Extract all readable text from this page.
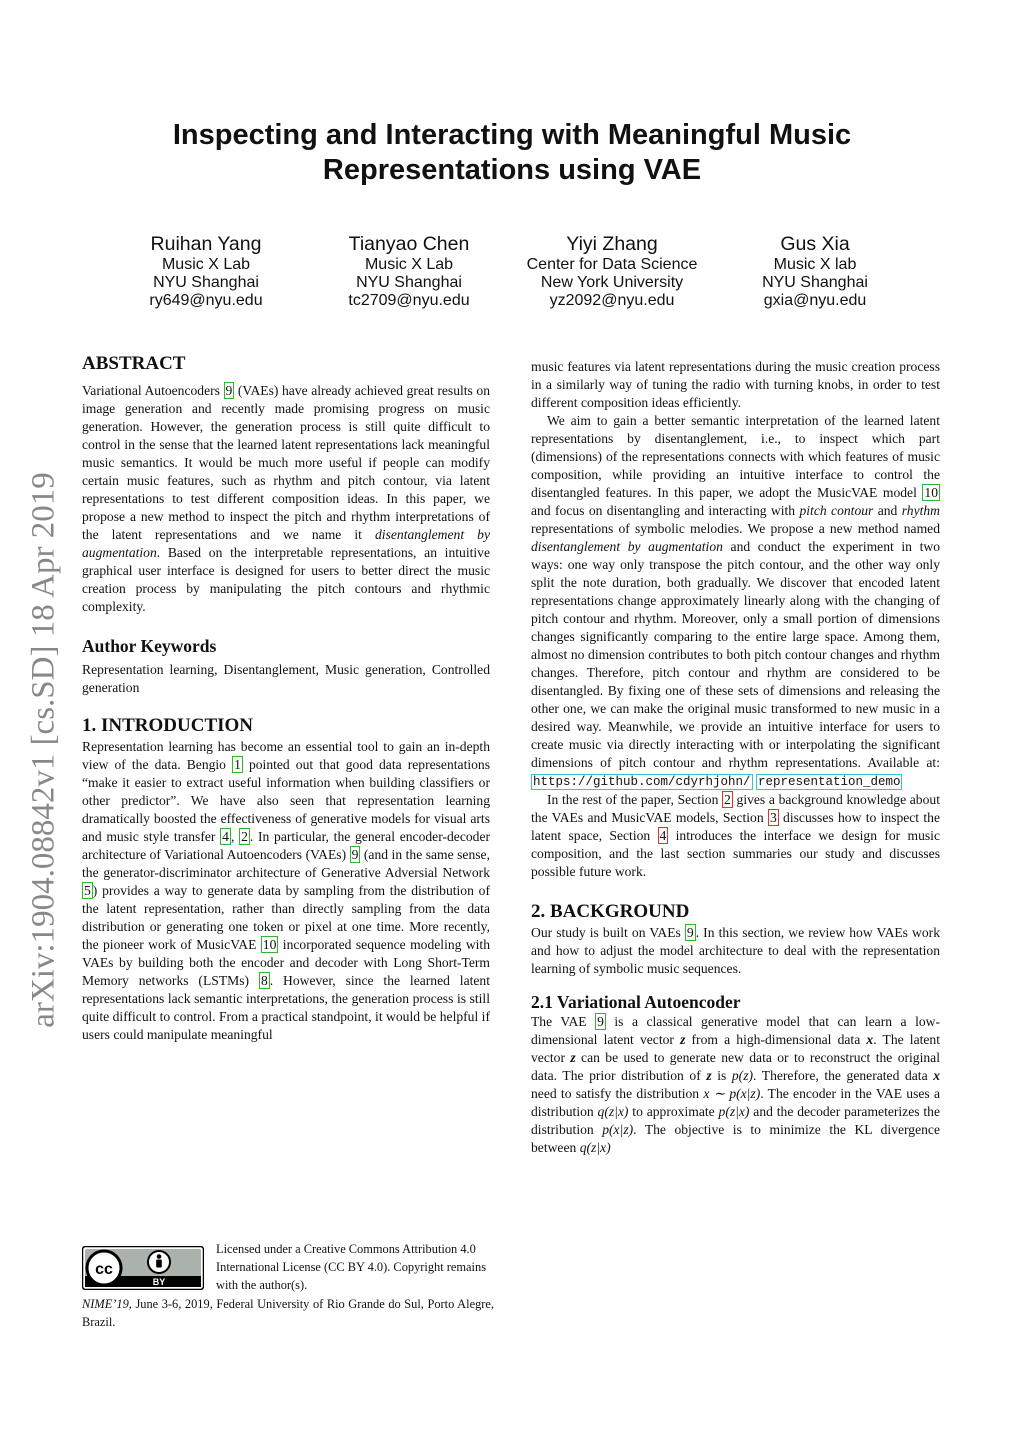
Inspecting and Interacting with Meaningful Music
Representations using VAE
Ruihan Yang
Music X Lab
NYU Shanghai
ry649@nyu.edu
Tianyao Chen
Music X Lab
NYU Shanghai
tc2709@nyu.edu
Yiyi Zhang
Center for Data Science
New York University
yz2092@nyu.edu
Gus Xia
Music X lab
NYU Shanghai
gxia@nyu.edu
arXiv:1904.08842v1 [cs.SD] 18 Apr 2019
ABSTRACT

Variational Autoencoders 9 (VAEs) have already achieved great results on image generation and recently made promising progress on music generation. However, the generation process is still quite difficult to control in the sense that the learned latent representations lack meaningful music semantics. It would be much more useful if people can modify certain music features, such as rhythm and pitch contour, via latent representations to test different composition ideas. In this paper, we propose a new method to inspect the pitch and rhythm interpretations of the latent representations and we name it disentanglement by augmentation. Based on the interpretable representations, an intuitive graphical user interface is designed for users to better direct the music creation process by manipulating the pitch contours and rhythmic complexity.

Author Keywords

Representation learning, Disentanglement, Music generation, Controlled generation

1. INTRODUCTION

Representation learning has become an essential tool to gain an in-depth view of the data. Bengio 1 pointed out that good data representations “make it easier to extract useful information when building classifiers or other predictor”. We have also seen that representation learning dramatically boosted the effectiveness of generative models for visual arts and music style transfer 4 , 2 . In particular, the general encoder-decoder architecture of Variational Autoencoders (VAEs) 9 (and in the same sense, the generator-discriminator architecture of Generative Adversial Network 5 ) provides a way to generate data by sampling from the distribution of the latent representation, rather than directly sampling from the data distribution or generating one token or pixel at one time. More recently, the pioneer work of MusicVAE 10 incorporated sequence modeling with VAEs by building both the encoder and decoder with Long Short-Term Memory networks (LSTMs) 8 . However, since the learned latent representations lack semantic interpretations, the generation process is still quite difficult to control. From a practical standpoint, it would be helpful if users could manipulate meaningful

cc
BY
Licensed under a Creative Commons Attribution 4.0 International License (CC BY 4.0). Copyright remains with the author(s).
NIME’19, June 3-6, 2019, Federal University of Rio Grande do Sul, Porto Alegre, Brazil.

music features via latent representations during the music creation process in a similarly way of tuning the radio with turning knobs, in order to test different composition ideas efficiently.

We aim to gain a better semantic interpretation of the learned latent representations by disentanglement, i.e., to inspect which part (dimensions) of the representations connects with which features of music composition, while providing an intuitive interface to control the disentangled features. In this paper, we adopt the MusicVAE model 10 and focus on disentangling and interacting with pitch contour and rhythm representations of symbolic melodies. We propose a new method named disentanglement by augmentation and conduct the experiment in two ways: one way only transpose the pitch contour, and the other way only split the note duration, both gradually. We discover that encoded latent representations change approximately linearly along with the changing of pitch contour and rhythm. Moreover, only a small portion of dimensions changes significantly comparing to the entire large space. Among them, almost no dimension contributes to both pitch contour changes and rhythm changes. Therefore, pitch contour and rhythm are considered to be disentangled. By fixing one of these sets of dimensions and releasing the other one, we can make the original music transformed to new music in a desired way. Meanwhile, we provide an intuitive interface for users to create music via directly interacting with or interpolating the significant dimensions of pitch contour and rhythm representations. Available at: https://github.com/cdyrhjohn/ representation_demo

In the rest of the paper, Section 2 gives a background knowledge about the VAEs and MusicVAE models, Section 3 discusses how to inspect the latent space, Section 4 introduces the interface we design for music composition, and the last section summaries our study and discusses possible future work.

2. BACKGROUND

Our study is built on VAEs 9 . In this section, we review how VAEs work and how to adjust the model architecture to deal with the representation learning of symbolic music sequences.

2.1 Variational Autoencoder

The VAE 9 is a classical generative model that can learn a low-dimensional latent vector z from a high-dimensional data x. The latent vector z can be used to generate new data or to reconstruct the original data. The prior distribution of z is p(z). Therefore, the generated data x need to satisfy the distribution x ∼ p(x|z). The encoder in the VAE uses a distribution q(z|x) to approximate p(z|x) and the decoder parameterizes the distribution p(x|z). The objective is to minimize the KL divergence between q(z|x)
